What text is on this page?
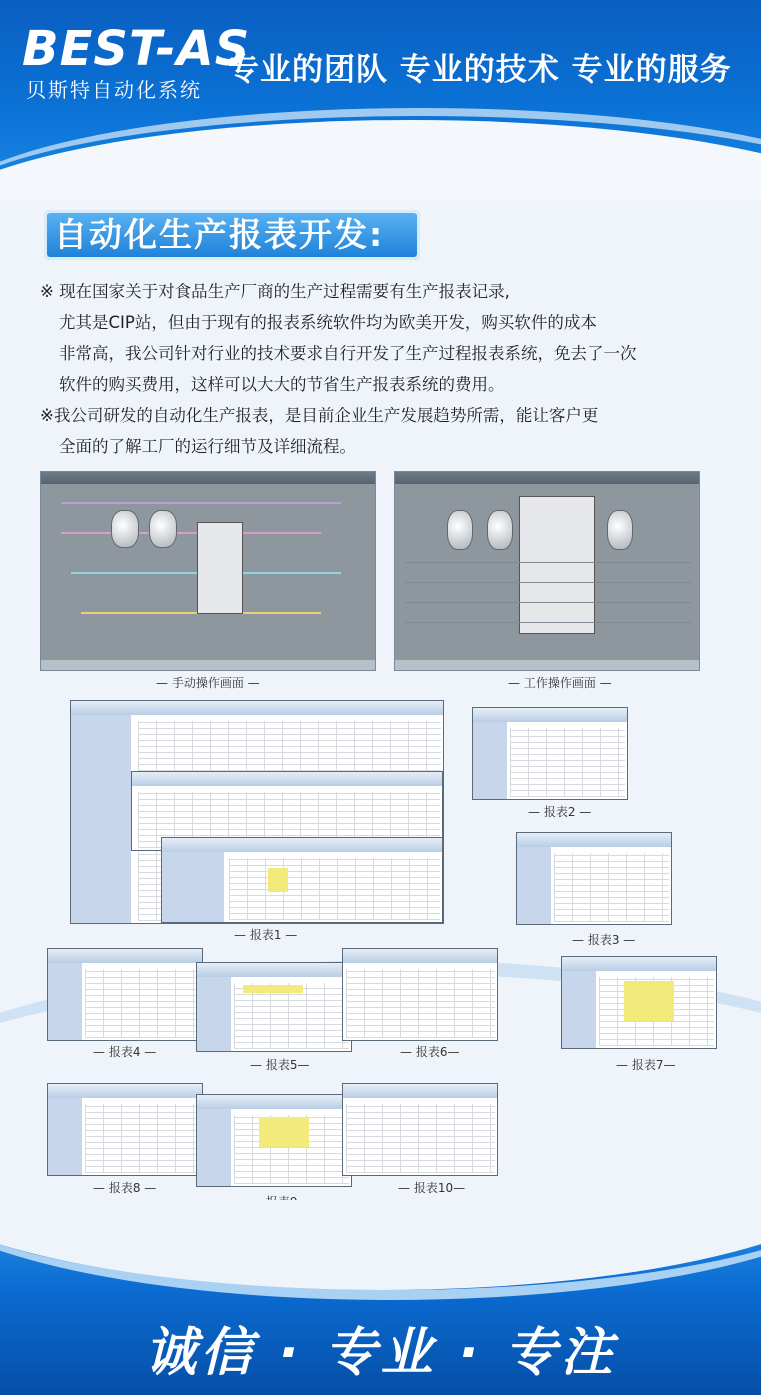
BEST-AS
贝斯特自动化系统
专业的团队 专业的技术 专业的服务
自动化生产报表开发:

※ 现在国家关于对食品生产厂商的生产过程需要有生产报表记录,

尤其是CIP站，但由于现有的报表系统软件均为欧美开发，购买软件的成本

非常高，我公司针对行业的技术要求自行开发了生产过程报表系统，免去了一次

软件的购买费用，这样可以大大的节省生产报表系统的费用。

※我公司研发的自动化生产报表，是目前企业生产发展趋势所需，能让客户更

全面的了解工厂的运行细节及详细流程。

— 手动操作画面 —	— 工作操作画面 —
— 报表1 —
— 报表2 —
— 报表3 —
— 报表4 —
— 报表5—
— 报表6—
— 报表7—
— 报表8 —	— 报表10—
诚信 · 专业 · 专注
